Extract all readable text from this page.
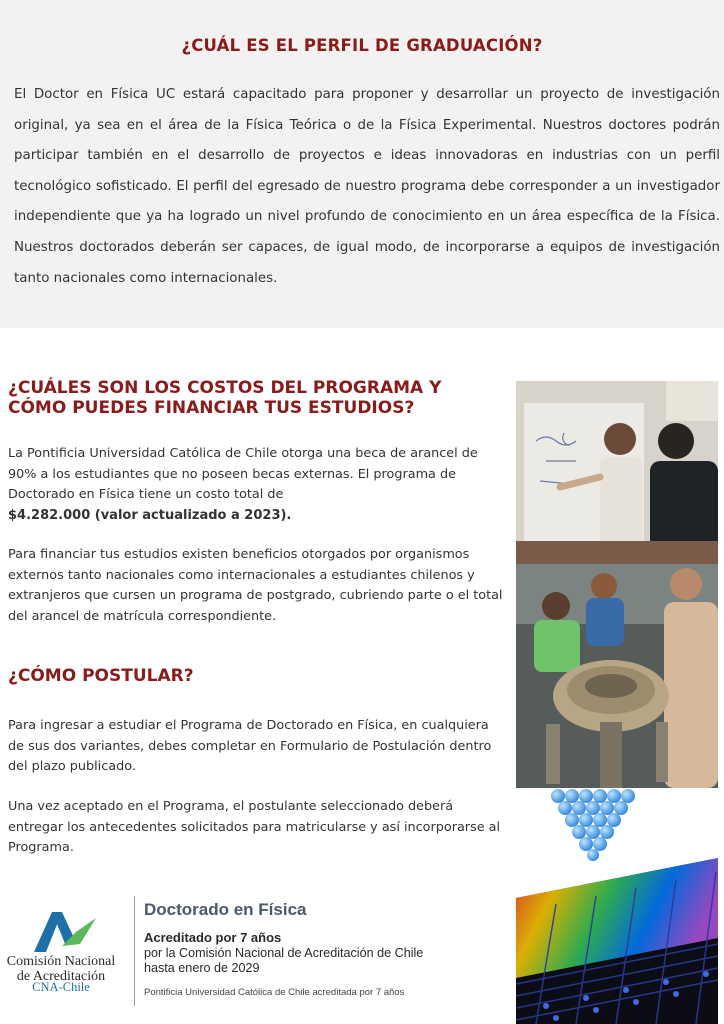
¿CUÁL ES EL PERFIL DE GRADUACIÓN?
El Doctor en Física UC estará capacitado para proponer y desarrollar un proyecto de investigación original, ya sea en el área de la Física Teórica o de la Física Experimental. Nuestros doctores podrán participar también en el desarrollo de proyectos e ideas innovadoras en industrias con un perfil tecnológico sofisticado. El perfil del egresado de nuestro programa debe corresponder a un investigador independiente que ya ha logrado un nivel profundo de conocimiento en un área específica de la Física. Nuestros doctorados deberán ser capaces, de igual modo, de incorporarse a equipos de investigación tanto nacionales como internacionales.
¿CUÁLES SON LOS COSTOS DEL PROGRAMA Y
CÓMO PUEDES FINANCIAR TUS ESTUDIOS?
La Pontificia Universidad Católica de Chile otorga una beca de arancel de 90% a los estudiantes que no poseen becas externas. El programa de Doctorado en Física tiene un costo total de
$4.282.000 (valor actualizado a 2023).
Para financiar tus estudios existen beneficios otorgados por organismos externos tanto nacionales como internacionales a estudiantes chilenos y extranjeros que cursen un programa de postgrado, cubriendo parte o el total del arancel de matrícula correspondiente.
¿CÓMO POSTULAR?
Para ingresar a estudiar el Programa de Doctorado en Física, en cualquiera de sus dos variantes, debes completar en Formulario de Postulación dentro del plazo publicado.
Una vez aceptado en el Programa, el postulante seleccionado deberá entregar los antecedentes solicitados para matricularse y así incorporarse al Programa.
Comisión Nacional
de Acreditación
CNA-Chile
Doctorado en Física
Acreditado por 7 años
por la Comisión Nacional de Acreditación de Chile
hasta enero de 2029
Pontificia Universidad Católica de Chile acreditada por 7 años
